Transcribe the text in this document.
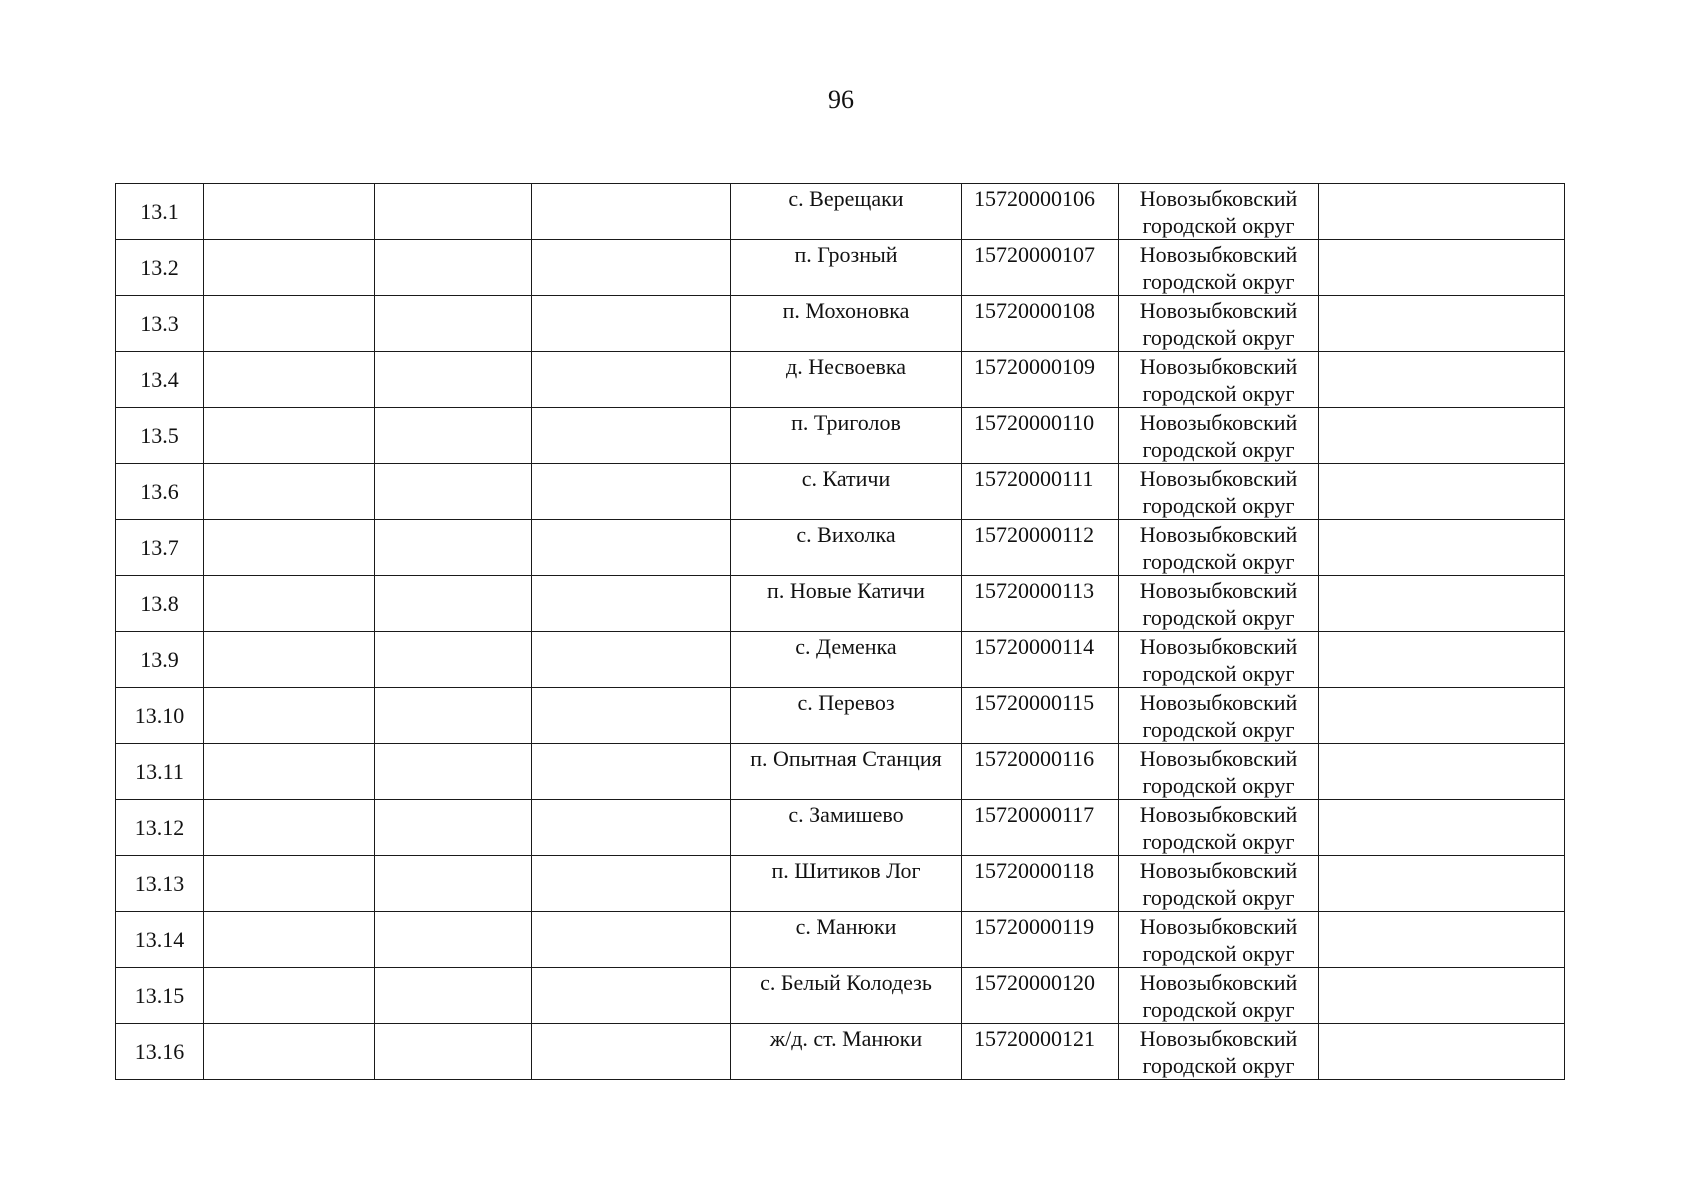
96
13.1				с. Верещаки	15720000106	Новозыбковский
городской округ	

13.2				п. Грозный	15720000107	Новозыбковский
городской округ	

13.3				п. Мохоновка	15720000108	Новозыбковский
городской округ	

13.4				д. Несвоевка	15720000109	Новозыбковский
городской округ	

13.5				п. Триголов	15720000110	Новозыбковский
городской округ	

13.6				с. Катичи	15720000111	Новозыбковский
городской округ	

13.7				с. Вихолка	15720000112	Новозыбковский
городской округ	

13.8				п. Новые Катичи	15720000113	Новозыбковский
городской округ	

13.9				с. Деменка	15720000114	Новозыбковский
городской округ	

13.10				с. Перевоз	15720000115	Новозыбковский
городской округ	

13.11				п. Опытная Станция	15720000116	Новозыбковский
городской округ	

13.12				с. Замишево	15720000117	Новозыбковский
городской округ	

13.13				п. Шитиков Лог	15720000118	Новозыбковский
городской округ	

13.14				с. Манюки	15720000119	Новозыбковский
городской округ	

13.15				с. Белый Колодезь	15720000120	Новозыбковский
городской округ	

13.16				ж/д. ст. Манюки	15720000121	Новозыбковский
городской округ	
